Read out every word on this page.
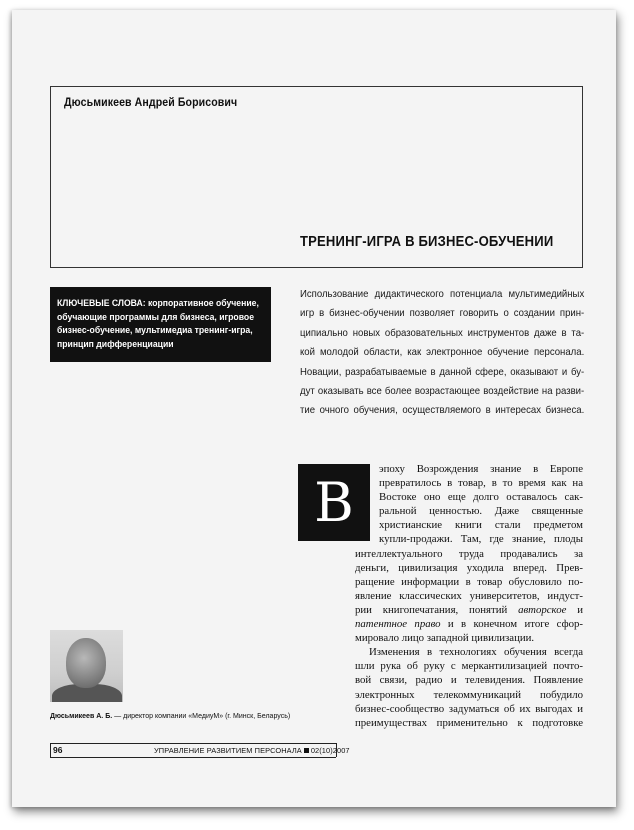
Дюсьмикеев Андрей Борисович
ТРЕНИНГ-ИГРА В БИЗНЕС-ОБУЧЕНИИ
КЛЮЧЕВЫЕ СЛОВА: корпоративное обучение,
обучающие программы для бизнеса, игровое
бизнес-обучение, мультимедиа тренинг-игра,
принцип дифференциации
Использование дидактического потенциала мультимедийных
игр в бизнес-обучении позволяет говорить о создании прин-
ципиально новых образовательных инструментов даже в та-
кой молодой области, как электронное обучение персонала.
Новации, разрабатываемые в данной сфере, оказывают и бу-
дут оказывать все более возрастающее воздействие на разви-
тие очного обучения, осуществляемого в интересах бизнеса.
В
эпоху Возрождения знание в Европе
превратилось в товар, в то время как на
Востоке оно еще долго оставалось сак-
ральной ценностью. Даже священные
христианские книги стали предметом
купли-продажи. Там, где знание, плоды
интеллектуального труда продавались за
деньги, цивилизация уходила вперед. Прев-
ращение информации в товар обусловило по-
явление классических университетов, индуст-
рии книгопечатания, понятий авторское и
патентное право и в конечном итоге сфор-
мировало лицо западной цивилизации.
Изменения в технологиях обучения всегда
шли рука об руку с меркантилизацией почто-
вой связи, радио и телевидения. Появление
электронных телекоммуникаций побудило
бизнес-сообщество задуматься об их выгодах и
преимуществах применительно к подготовке
Дюсьмикеев А. Б. — директор компании «МедиуМ» (г. Минск, Беларусь)
96	УПРАВЛЕНИЕ РАЗВИТИЕМ ПЕРСОНАЛА 02(10)2007
